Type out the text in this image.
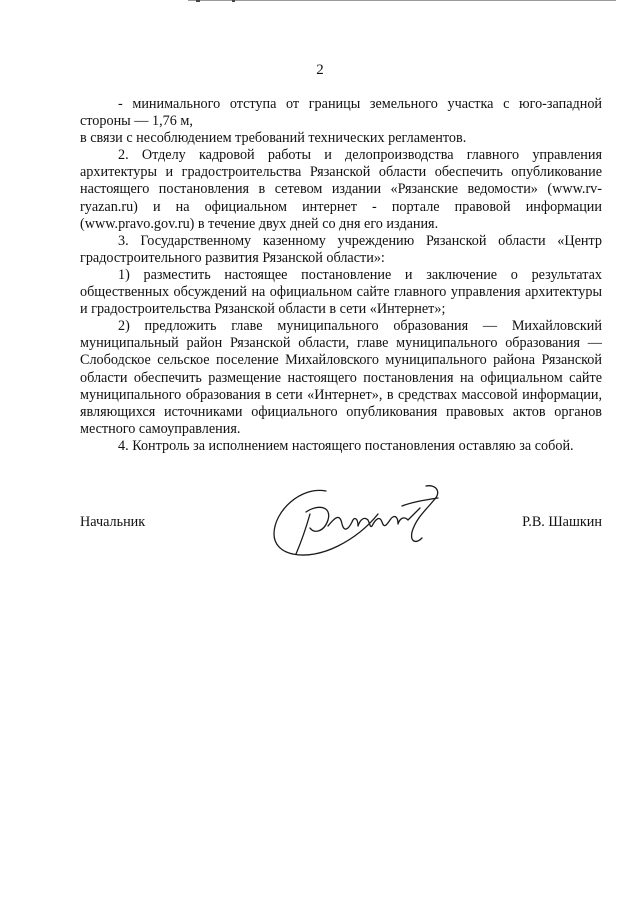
2

- минимального отступа от границы земельного участка с юго-западной стороны — 1,76 м,

в связи с несоблюдением требований технических регламентов.

2. Отделу кадровой работы и делопроизводства главного управления архитектуры и градостроительства Рязанской области обеспечить опубликование настоящего постановления в сетевом издании «Рязанские ведомости» (www.rv-ryazan.ru) и на официальном интернет - портале правовой информации (www.pravo.gov.ru) в течение двух дней со дня его издания.

3. Государственному казенному учреждению Рязанской области «Центр градостроительного развития Рязанской области»:

1) разместить настоящее постановление и заключение о результатах общественных обсуждений на официальном сайте главного управления архитектуры и градостроительства Рязанской области в сети «Интернет»;

2) предложить главе муниципального образования — Михайловский муниципальный район Рязанской области, главе муниципального образования — Слободское сельское поселение Михайловского муниципального района Рязанской области обеспечить размещение настоящего постановления на официальном сайте муниципального образования в сети «Интернет», в средствах массовой информации, являющихся источниками официального опубликования правовых актов органов местного самоуправления.

4. Контроль за исполнением настоящего постановления оставляю за собой.

Начальник	Р.В. Шашкин
